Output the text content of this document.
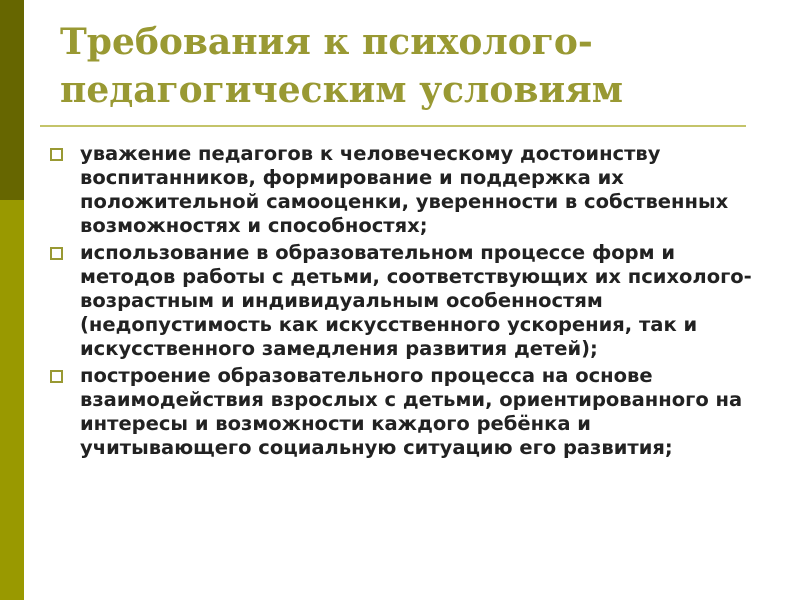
Требования к психолого-педагогическим условиям
уважение педагогов к человеческому достоинству воспитанников, формирование и поддержка их положительной самооценки, уверенности в собственных возможностях и способностях;
использование в образовательном процессе форм и методов работы с детьми, соответствующих их психолого-возрастным и индивидуальным особенностям (недопустимость как искусственного ускорения, так и искусственного замедления развития детей);
построение образовательного процесса на основе взаимодействия взрослых с детьми, ориентированного на интересы и возможности каждого ребёнка и учитывающего социальную ситуацию его развития;
